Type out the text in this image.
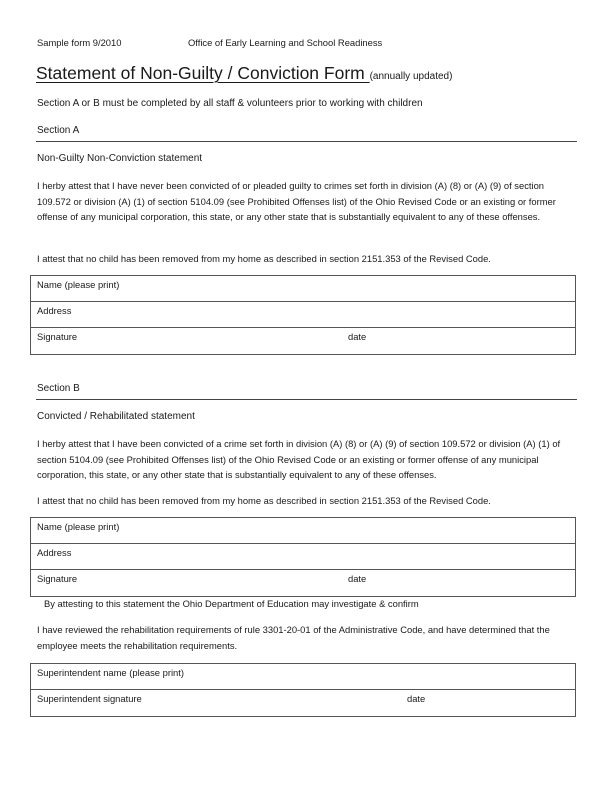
Sample form 9/2010	Office of Early Learning and School Readiness
Statement of Non-Guilty / Conviction Form (annually updated)
Section A or B must be completed by all staff & volunteers prior to working with children
Section A
Non-Guilty Non-Conviction statement
I herby attest that I have never been convicted of or pleaded guilty to crimes set forth in division (A) (8) or (A) (9) of section 109.572 or division (A) (1) of section 5104.09 (see Prohibited Offenses list) of the Ohio Revised Code or an existing or former offense of any municipal corporation, this state, or any other state that is substantially equivalent to any of these offenses.
I attest that no child has been removed from my home as described in section 2151.353 of the Revised Code.
Name (please print)
Address
Signature	date
Section B
Convicted / Rehabilitated statement
I herby attest that I have been convicted of a crime set forth in division (A) (8) or (A) (9) of section 109.572 or division (A) (1) of section 5104.09 (see Prohibited Offenses list) of the Ohio Revised Code or an existing or former offense of any municipal corporation, this state, or any other state that is substantially equivalent to any of these offenses.
I attest that no child has been removed from my home as described in section 2151.353 of the Revised Code.
Name (please print)
Address
Signature	date
By attesting to this statement the Ohio Department of Education may investigate & confirm
I have reviewed the rehabilitation requirements of rule 3301-20-01 of the Administrative Code, and have determined that the employee meets the rehabilitation requirements.
Superintendent name (please print)
Superintendent signature	date
